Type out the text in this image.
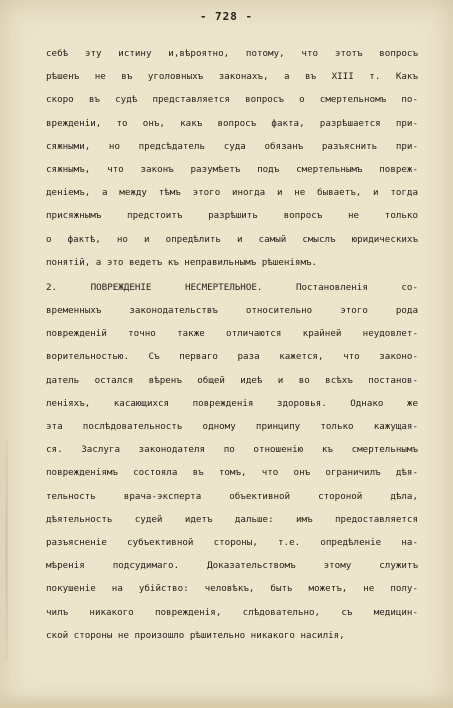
- 728 -
себѣ эту истину и,вѣроятно, потому, что этотъ вопросъ
рѣшенъ не въ уголовныхъ законахъ, а въ XIII т. Какъ
скоро въ судѣ представляется вопросъ о смертельномъ по-
врежденіи, то онъ, какъ вопросъ факта, разрѣшается при-
сяжными, но предсѣдатель суда обязанъ разъяснить при-
сяжнымъ, что законъ разумѣетъ подъ смертельнымъ повреж-
деніемъ, а между тѣмъ этого иногда и не бываетъ, и тогда
присяжнымъ предстоитъ разрѣшить вопросъ не только
о фактѣ, но и опредѣлить и самый смыслъ юридическихъ
понятій, а это ведетъ къ неправильнымъ рѣшеніямъ.
2. ПОВРЕЖДЕНІЕ НЕСМЕРТЕЛЬНОЕ. Постановленія со-
временныхъ законодательствъ относительно этого рода
поврежденій точно также отличаются крайней неудовлет-
ворительностью. Съ перваго раза кажется, что законо-
датель остался вѣренъ общей идеѣ и во всѣхъ постанов-
леніяхъ, касающихся поврежденія здоровья. Однако же
эта послѣдовательность одному принципу только кажущая-
ся. Заслуга законодателя по отношенію къ смертельнымъ
поврежденіямъ состояла въ томъ, что онъ ограничилъ дѣя-
тельность врача-эксперта объективной стороной дѣла,
дѣятельность судей идетъ дальше: имъ предоставляется
разъясненіе субъективной стороны, т.е. опредѣленіе на-
мѣренія подсудимаго. Доказательствомъ этому служитъ
покушеніе на убійство: человѣкъ, быть можетъ, не полу-
чилъ никакого поврежденія, слѣдовательно, съ медицин-
ской стороны не произошло рѣшительно никакого насилія,
